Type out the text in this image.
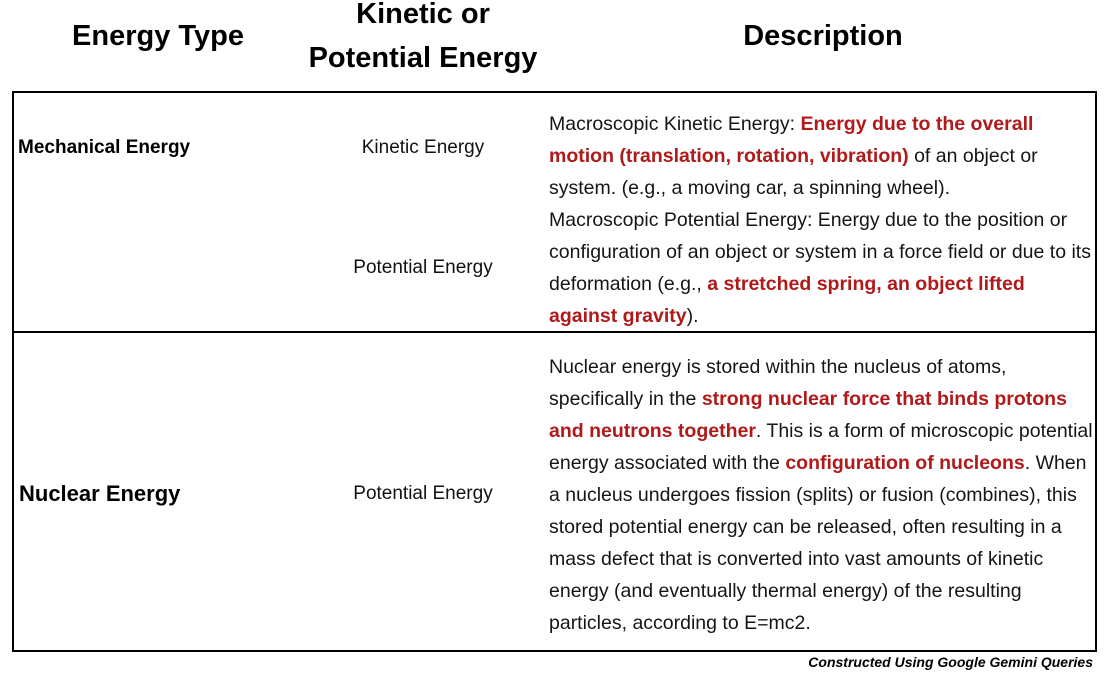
Energy Type
Kinetic or
Potential Energy
Description
Mechanical Energy	Kinetic Energy
Potential Energy
Macroscopic Kinetic Energy: Energy due to the overall motion (translation, rotation, vibration) of an object or system. (e.g., a moving car, a spinning wheel).
Macroscopic Potential Energy: Energy due to the position or configuration of an object or system in a force field or due to its deformation (e.g., a stretched spring, an object lifted against gravity).
Nuclear Energy	Potential Energy
Nuclear energy is stored within the nucleus of atoms, specifically in the strong nuclear force that binds protons and neutrons together. This is a form of microscopic potential energy associated with the configuration of nucleons. When a nucleus undergoes fission (splits) or fusion (combines), this stored potential energy can be released, often resulting in a mass defect that is converted into vast amounts of kinetic energy (and eventually thermal energy) of the resulting particles, according to E=mc2.
Constructed Using Google Gemini Queries
